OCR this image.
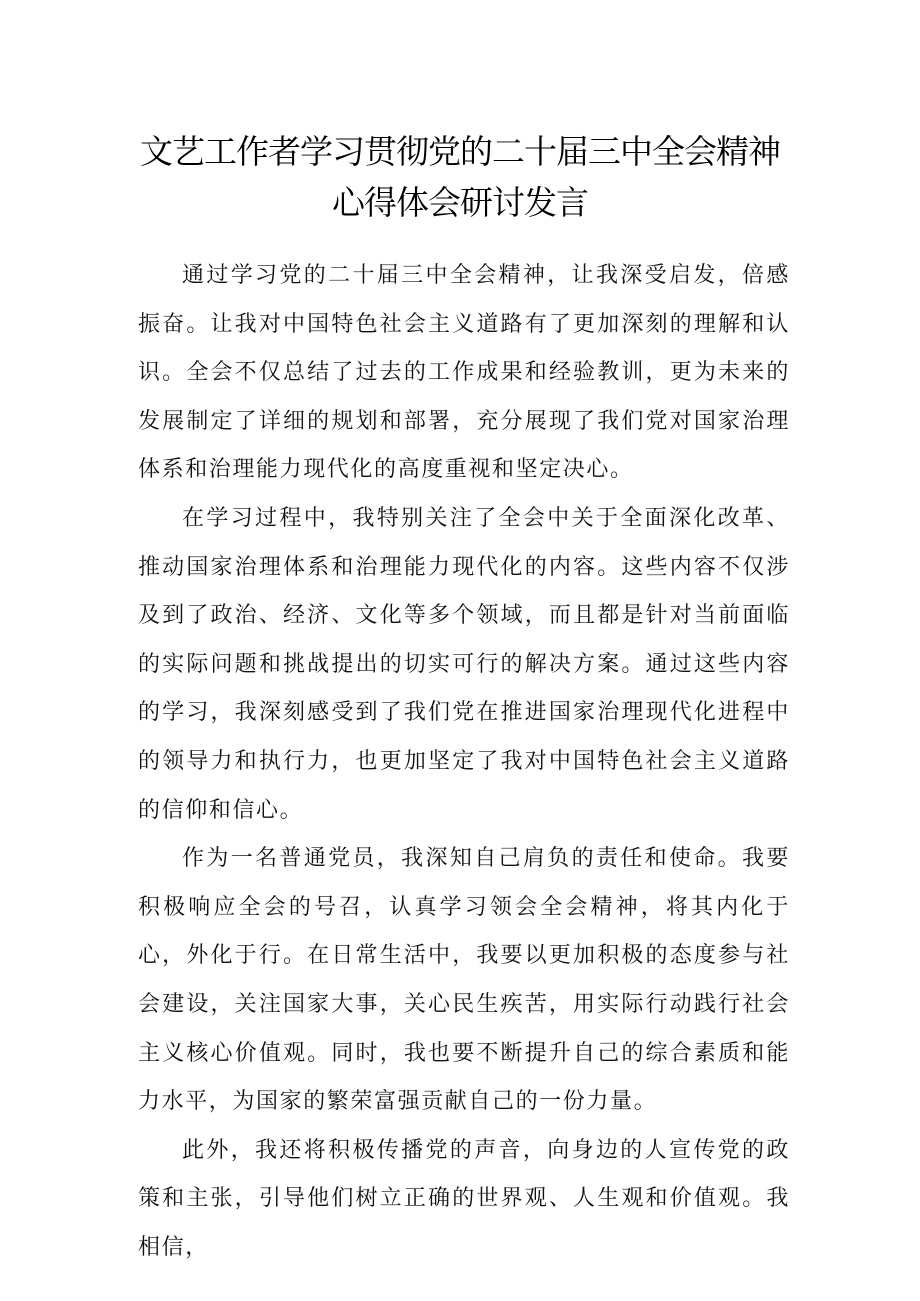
文艺工作者学习贯彻党的二十届三中全会精神
心得体会研讨发言

通过学习党的二十届三中全会精神，让我深受启发，倍感振奋。让我对中国特色社会主义道路有了更加深刻的理解和认识。全会不仅总结了过去的工作成果和经验教训，更为未来的发展制定了详细的规划和部署，充分展现了我们党对国家治理体系和治理能力现代化的高度重视和坚定决心。

在学习过程中，我特别关注了全会中关于全面深化改革、推动国家治理体系和治理能力现代化的内容。这些内容不仅涉及到了政治、经济、文化等多个领域，而且都是针对当前面临的实际问题和挑战提出的切实可行的解决方案。通过这些内容的学习，我深刻感受到了我们党在推进国家治理现代化进程中的领导力和执行力，也更加坚定了我对中国特色社会主义道路的信仰和信心。

作为一名普通党员，我深知自己肩负的责任和使命。我要积极响应全会的号召，认真学习领会全会精神，将其内化于心，外化于行。在日常生活中，我要以更加积极的态度参与社会建设，关注国家大事，关心民生疾苦，用实际行动践行社会主义核心价值观。同时，我也要不断提升自己的综合素质和能力水平，为国家的繁荣富强贡献自己的一份力量。

此外，我还将积极传播党的声音，向身边的人宣传党的政策和主张，引导他们树立正确的世界观、人生观和价值观。我相信，
